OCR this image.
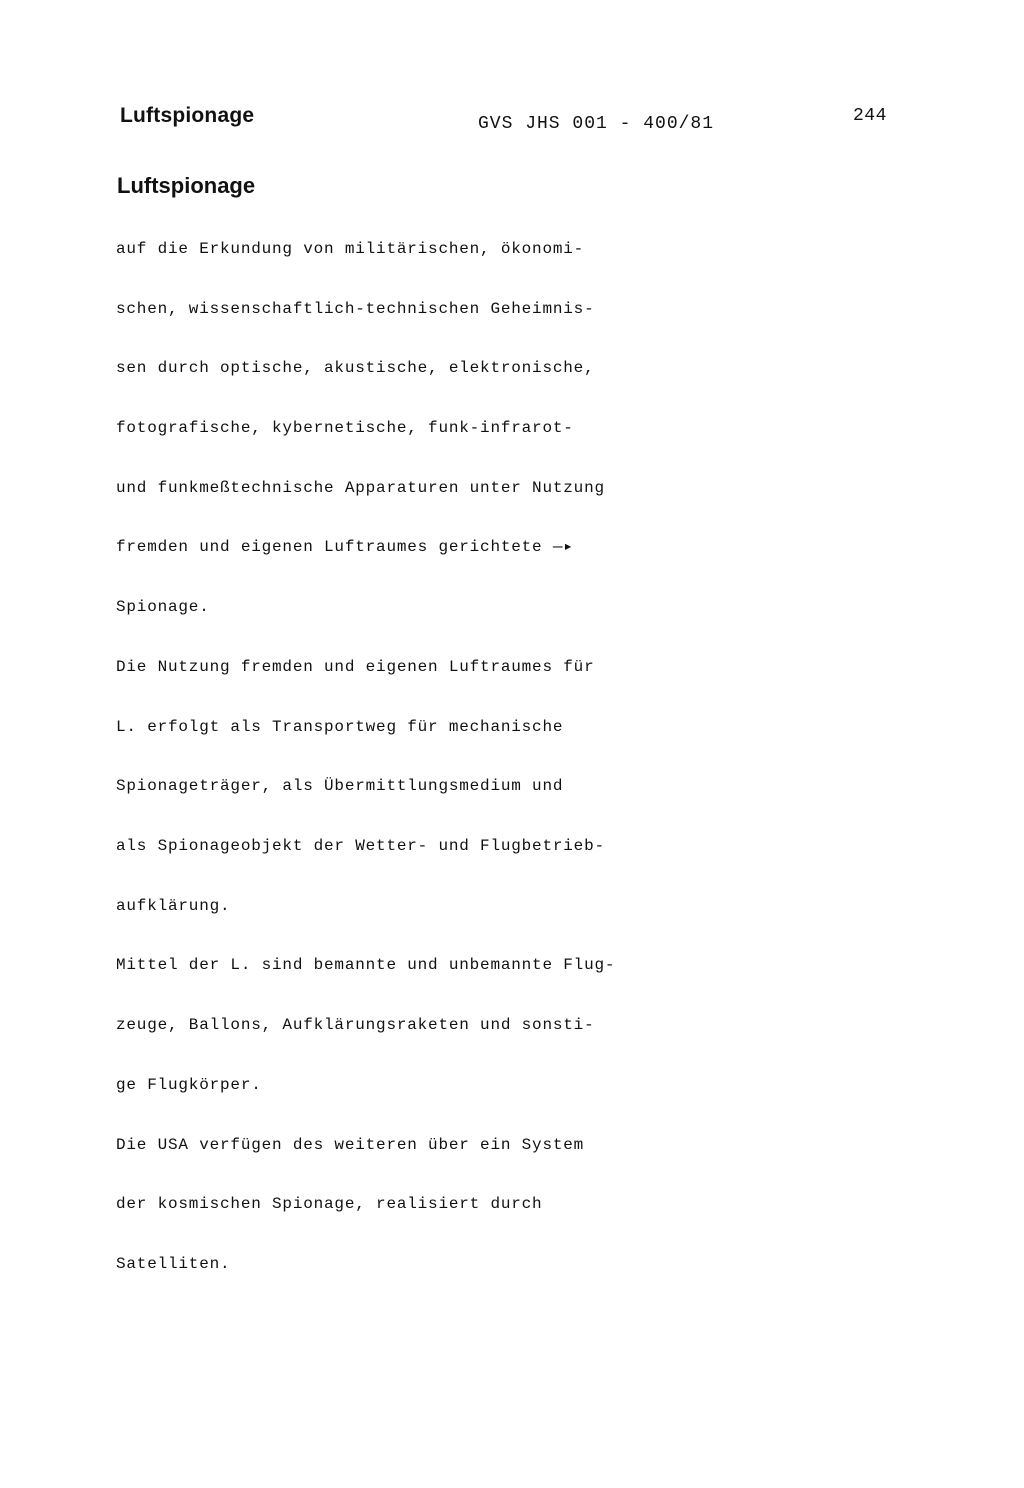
Luftspionage	GVS JHS 001 - 400/81	244
Luftspionage

auf die Erkundung von militärischen, ökonomi-

schen, wissenschaftlich-technischen Geheimnis-

sen durch optische, akustische, elektronische,

fotografische, kybernetische, funk-infrarot-

und funkmeßtechnische Apparaturen unter Nutzung

fremden und eigenen Luftraumes gerichtete —▸

Spionage.

Die Nutzung fremden und eigenen Luftraumes für

L. erfolgt als Transportweg für mechanische

Spionageträger, als Übermittlungsmedium und

als Spionageobjekt der Wetter- und Flugbetrieb-

aufklärung.

Mittel der L. sind bemannte und unbemannte Flug-

zeuge, Ballons, Aufklärungsraketen und sonsti-

ge Flugkörper.

Die USA verfügen des weiteren über ein System

der kosmischen Spionage, realisiert durch

Satelliten.
